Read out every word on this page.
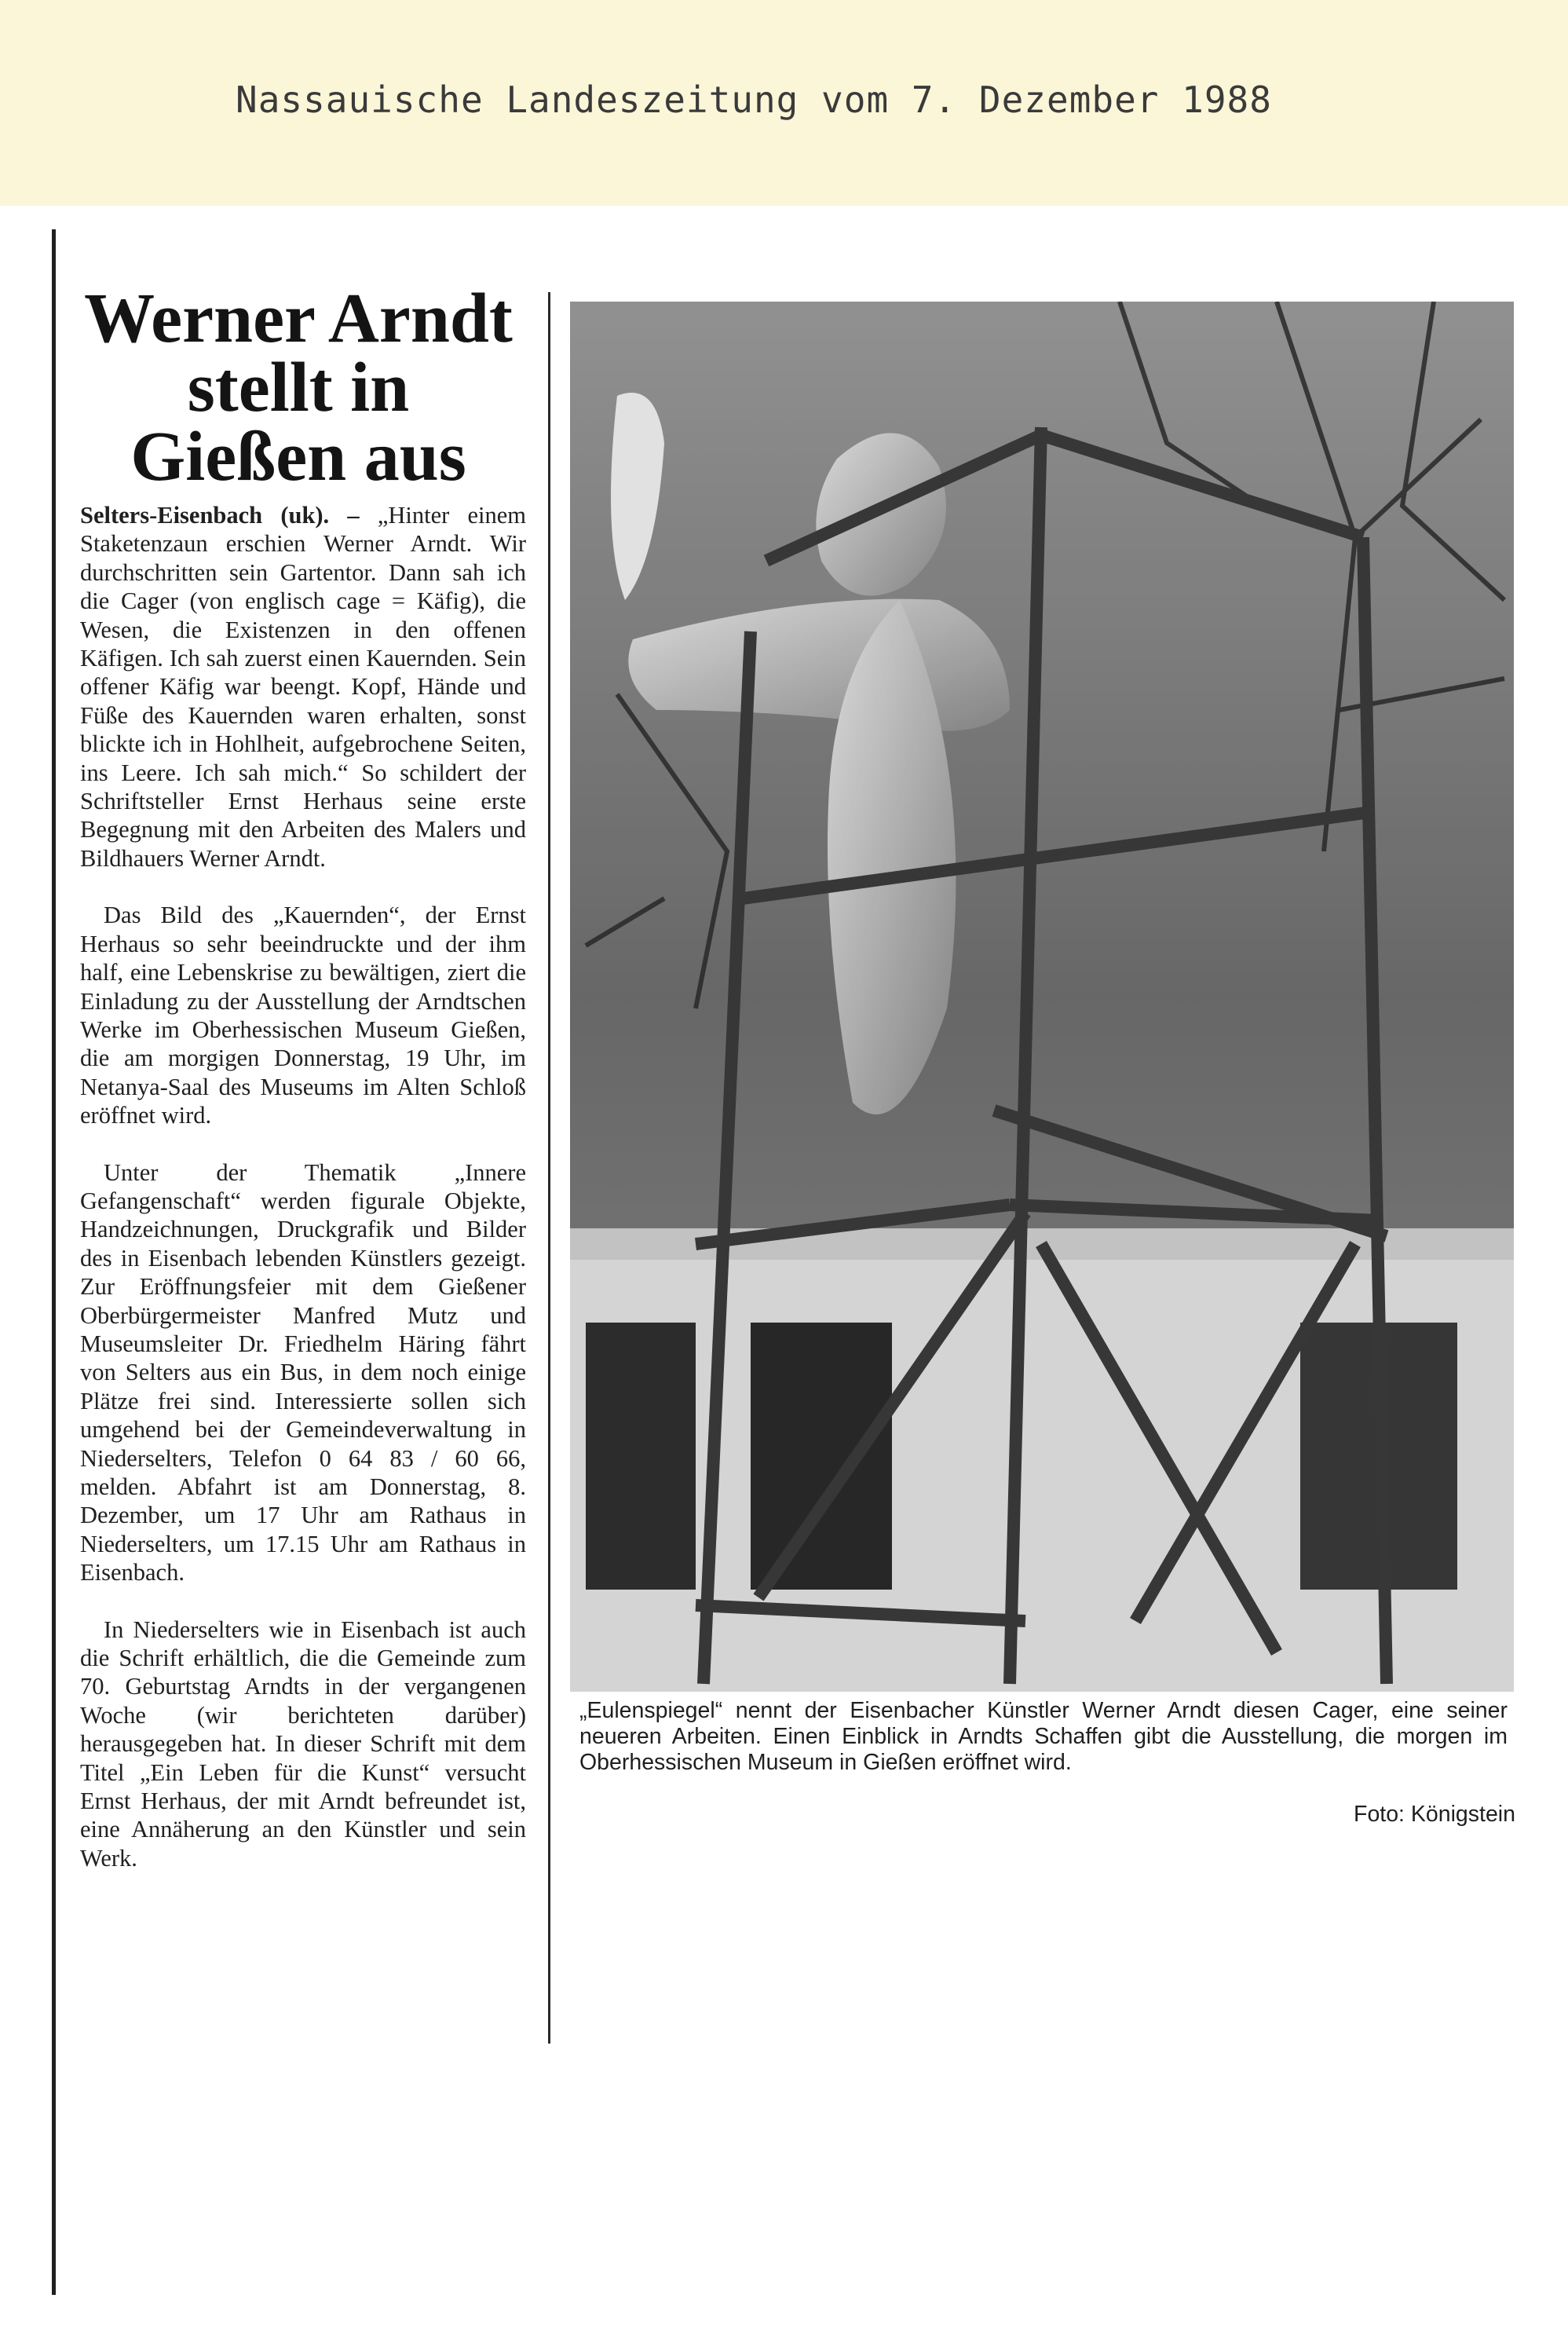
Nassauische Landeszeitung vom 7. Dezember 1988
Werner Arndt
stellt in
Gießen aus

Selters-Eisenbach (uk). – „Hinter einem Staketenzaun erschien Werner Arndt. Wir durchschritten sein Gartentor. Dann sah ich die Cager (von englisch cage = Käfig), die Wesen, die Existenzen in den offenen Käfigen. Ich sah zuerst einen Kauernden. Sein offener Käfig war beengt. Kopf, Hände und Füße des Kauernden waren erhalten, sonst blickte ich in Hohlheit, aufgebrochene Seiten, ins Leere. Ich sah mich.“ So schildert der Schriftsteller Ernst Herhaus seine erste Begegnung mit den Arbeiten des Malers und Bildhauers Werner Arndt.

Das Bild des „Kauernden“, der Ernst Herhaus so sehr beeindruckte und der ihm half, eine Lebenskrise zu bewältigen, ziert die Einladung zu der Ausstellung der Arndtschen Werke im Oberhessischen Museum Gießen, die am morgigen Donnerstag, 19 Uhr, im Netanya-Saal des Museums im Alten Schloß eröffnet wird.

Unter der Thematik „Innere Gefangenschaft“ werden figurale Objekte, Handzeichnungen, Druckgrafik und Bilder des in Eisenbach lebenden Künstlers gezeigt. Zur Eröffnungsfeier mit dem Gießener Oberbürgermeister Manfred Mutz und Museumsleiter Dr. Friedhelm Häring fährt von Selters aus ein Bus, in dem noch einige Plätze frei sind. Interessierte sollen sich umgehend bei der Gemeindeverwaltung in Niederselters, Telefon 0 64 83 / 60 66, melden. Abfahrt ist am Donnerstag, 8. Dezember, um 17 Uhr am Rathaus in Niederselters, um 17.15 Uhr am Rathaus in Eisenbach.

In Niederselters wie in Eisenbach ist auch die Schrift erhältlich, die die Gemeinde zum 70. Geburtstag Arndts in der vergangenen Woche (wir berichteten darüber) herausgegeben hat. In dieser Schrift mit dem Titel „Ein Leben für die Kunst“ versucht Ernst Herhaus, der mit Arndt befreundet ist, eine Annäherung an den Künstler und sein Werk.

„Eulenspiegel“ nennt der Eisenbacher Künstler Werner Arndt diesen Cager, eine seiner neueren Arbeiten. Einen Einblick in Arndts Schaffen gibt die Ausstellung, die morgen im Oberhessischen Museum in Gießen eröffnet wird.
Foto: Königstein
